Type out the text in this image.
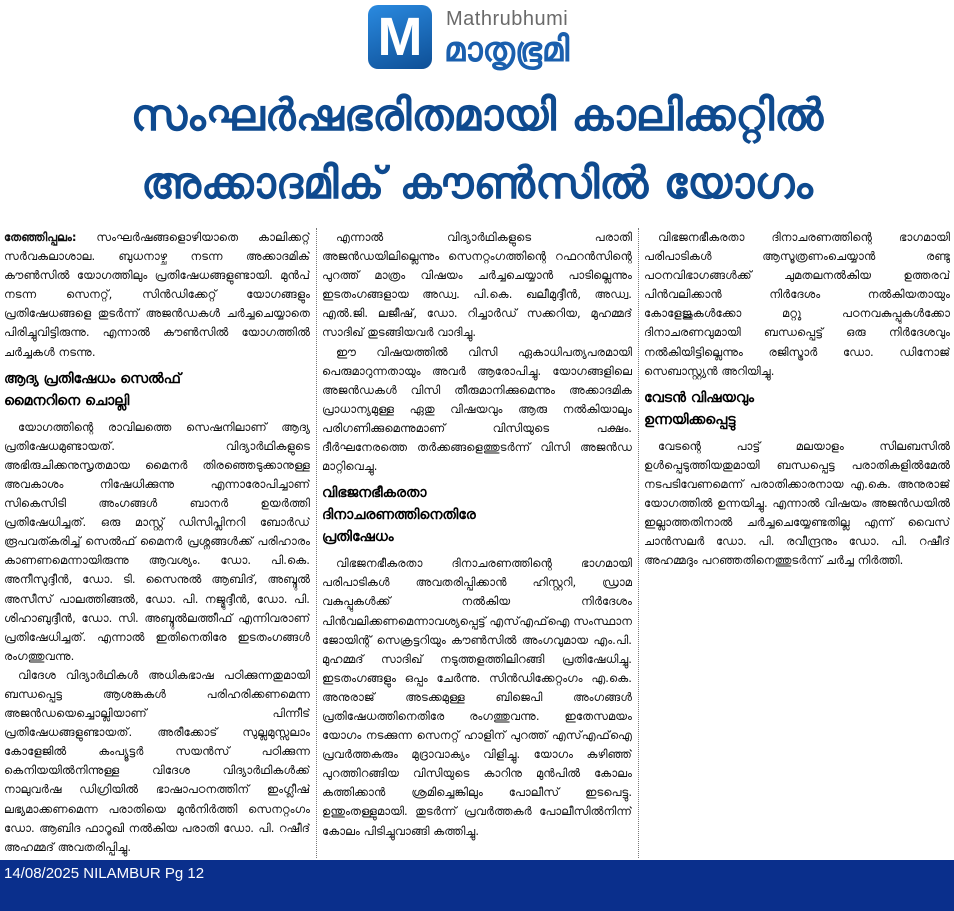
M	Mathrubhumi
മാതൃഭൂമി
സംഘർഷഭരിതമായി കാലിക്കറ്റിൽ
അക്കാദമിക് കൗൺസിൽ യോഗം

തേഞ്ഞിപ്പലം: സംഘർഷങ്ങളൊഴിയാതെ കാലിക്കറ്റ് സർവകലാശാല. ബുധനാഴ്ച നടന്ന അക്കാദമിക് കൗൺസിൽ യോഗത്തിലും പ്രതിഷേധങ്ങളുണ്ടായി. മുൻപ് നടന്ന സെനറ്റ്, സിൻഡിക്കേറ്റ് യോഗങ്ങളും പ്രതിഷേധങ്ങളെ തുടർന്ന് അജൻഡകൾ ചർച്ചചെയ്യാതെ പിരിച്ചുവിട്ടിരുന്നു. എന്നാൽ കൗൺസിൽ യോഗത്തിൽ ചർച്ചകൾ നടന്നു.

ആദ്യ പ്രതിഷേധം സെൽഫ്
മൈനറിനെ ചൊല്ലി

യോഗത്തിന്റെ രാവിലത്തെ സെഷനിലാണ് ആദ്യ പ്രതിഷേധമുണ്ടായത്. വിദ്യാർഥികളുടെ അഭിരുചിക്കനുസൃതമായ മൈനർ തിരഞ്ഞെടുക്കാനുള്ള അവകാശം നിഷേധിക്കുന്നു എന്നാരോപിച്ചാണ് സികെസിടി അംഗങ്ങൾ ബാനർ ഉയർത്തി പ്രതിഷേധിച്ചത്. ഒരു മാസ്റ്റ് ഡിസിപ്ലിനറി ബോർഡ് രൂപവത്കരിച്ച് സെൽഫ് മൈനർ പ്രശ്നങ്ങൾക്ക് പരിഹാരം കാണണമെന്നായിരുന്നു ആവശ്യം. ഡോ. പി.കെ. അനീസുദ്ദീൻ, ഡോ. ടി. സൈനുൽ ആബിദ്, അബ്ദുൽ അസീസ് പാലത്തിങ്ങൽ, ഡോ. പി. നജ്മുദ്ദീൻ, ഡോ. പി. ശിഹാബുദ്ദീൻ, ഡോ. സി. അബ്ദുൽലത്തീഫ് എന്നിവരാണ് പ്രതിഷേധിച്ചത്. എന്നാൽ ഇതിനെതിരേ ഇടതംഗങ്ങൾ രംഗത്തുവന്നു.

വിദേശ വിദ്യാർഥികൾ അധികഭാഷ പഠിക്കുന്നതുമായി ബന്ധപ്പെട്ട ആശങ്കകൾ പരിഹരിക്കണമെന്ന അജൻഡയെച്ചൊല്ലിയാണ് പിന്നീട് പ്രതിഷേധങ്ങളുണ്ടായത്. അരീക്കോട് സുല്ലമുസ്സലാം കോളേജിൽ കംപ്യൂട്ടർ സയൻസ് പഠിക്കുന്ന കെനിയയിൽനിന്നുള്ള വിദേശ വിദ്യാർഥികൾക്ക് നാലുവർഷ ഡിഗ്രിയിൽ ഭാഷാപഠനത്തിന് ഇംഗ്ലീഷ് ലഭ്യമാക്കണമെന്ന പരാതിയെ മുൻനിർത്തി സെനറ്റംഗം ഡോ. ആബിദ ഫാറൂഖി നൽകിയ പരാതി ഡോ. പി. റഷീദ് അഹമ്മദ് അവതരിപ്പിച്ചു.

എന്നാൽ വിദ്യാർഥികളുടെ പരാതി അജൻഡയിലില്ലെന്നും സെനറ്റംഗത്തിന്റെ റഫറൻസിന്റെ പുറത്ത് മാത്രം വിഷയം ചർച്ചചെയ്യാൻ പാടില്ലെന്നും ഇടതംഗങ്ങളായ അഡ്വ. പി.കെ. ഖലീമുദ്ദീൻ, അഡ്വ. എൽ.ജി. ലജീഷ്, ഡോ. റിച്ചാർഡ് സക്കറിയ, മുഹമ്മദ് സാദിഖ് തുടങ്ങിയവർ വാദിച്ചു.

ഈ വിഷയത്തിൽ വിസി ഏകാധിപത്യപരമായി പെരുമാറുന്നതായും അവർ ആരോപിച്ചു. യോഗങ്ങളിലെ അജൻഡകൾ വിസി തീരുമാനിക്കുമെന്നും അക്കാദമിക പ്രാധാന്യമുള്ള ഏതു വിഷയവും ആരു നൽകിയാലും പരിഗണിക്കുമെന്നുമാണ് വിസിയുടെ പക്ഷം. ദീർഘനേരത്തെ തർക്കങ്ങളെത്തുടർന്ന് വിസി അജൻഡ മാറ്റിവെച്ചു.

വിഭജനഭീകരതാ
ദിനാചരണത്തിനെതിരേ
പ്രതിഷേധം

വിഭജനഭീകരതാ ദിനാചരണത്തിന്റെ ഭാഗമായി പരിപാടികൾ അവതരിപ്പിക്കാൻ ഹിസ്റ്ററി, ഡ്രാമ വകുപ്പുകൾക്ക് നൽകിയ നിർദേശം പിൻവലിക്കണമെന്നാവശ്യപ്പെട്ട് എസ്എഫ്ഐ സംസ്ഥാന ജോയിന്റ് സെക്രട്ടറിയും കൗൺസിൽ അംഗവുമായ എം.പി. മുഹമ്മദ് സാദിഖ് നടുത്തളത്തിലിറങ്ങി പ്രതിഷേധിച്ചു. ഇടതംഗങ്ങളും ഒപ്പം ചേർന്നു. സിൻഡിക്കേറ്റംഗം എ.കെ. അനുരാജ് അടക്കമുള്ള ബിജെപി അംഗങ്ങൾ പ്രതിഷേധത്തിനെതിരേ രംഗത്തുവന്നു. ഇതേസമയം യോഗം നടക്കുന്ന സെനറ്റ് ഹാളിന് പുറത്ത് എസ്എഫ്ഐ പ്രവർത്തകരും മുദ്രാവാക്യം വിളിച്ചു. യോഗം കഴിഞ്ഞ് പുറത്തിറങ്ങിയ വിസിയുടെ കാറിനു മുൻപിൽ കോലം കത്തിക്കാൻ ശ്രമിച്ചെങ്കിലും പോലീസ് ഇടപെട്ടു. ഉന്തുംതള്ളുമായി. തുടർന്ന് പ്രവർത്തകർ പോലീസിൽനിന്ന് കോലം പിടിച്ചുവാങ്ങി കത്തിച്ചു.

വിഭജനഭീകരതാ ദിനാചരണത്തിന്റെ ഭാഗമായി പരിപാടികൾ ആസൂത്രണംചെയ്യാൻ രണ്ടു പഠനവിഭാഗങ്ങൾക്ക് ചുമതലനൽകിയ ഉത്തരവ് പിൻവലിക്കാൻ നിർദേശം നൽകിയതായും കോളേജുകൾക്കോ മറ്റു പഠനവകുപ്പുകൾക്കോ ദിനാചരണവുമായി ബന്ധപ്പെട്ട് ഒരു നിർദേശവും നൽകിയിട്ടില്ലെന്നും രജിസ്ട്രാർ ഡോ. ഡിനോജ് സെബാസ്റ്റ്യൻ അറിയിച്ചു.

വേടൻ വിഷയവും
ഉന്നയിക്കപ്പെട്ടു

വേടന്റെ പാട്ട് മലയാളം സിലബസിൽ ഉൾപ്പെടുത്തിയതുമായി ബന്ധപ്പെട്ട പരാതികളിൽമേൽ നടപടിവേണമെന്ന് പരാതിക്കാരനായ എ.കെ. അനുരാജ് യോഗത്തിൽ ഉന്നയിച്ചു. എന്നാൽ വിഷയം അജൻഡയിൽ ഇല്ലാത്തതിനാൽ ചർച്ചചെയ്യേണ്ടതില്ല എന്ന് വൈസ് ചാൻസലർ ഡോ. പി. രവീന്ദ്രനും ഡോ. പി. റഷീദ് അഹമ്മദും പറഞ്ഞതിനെത്തുടർന്ന് ചർച്ച നിർത്തി.

14/08/2025 NILAMBUR Pg 12
